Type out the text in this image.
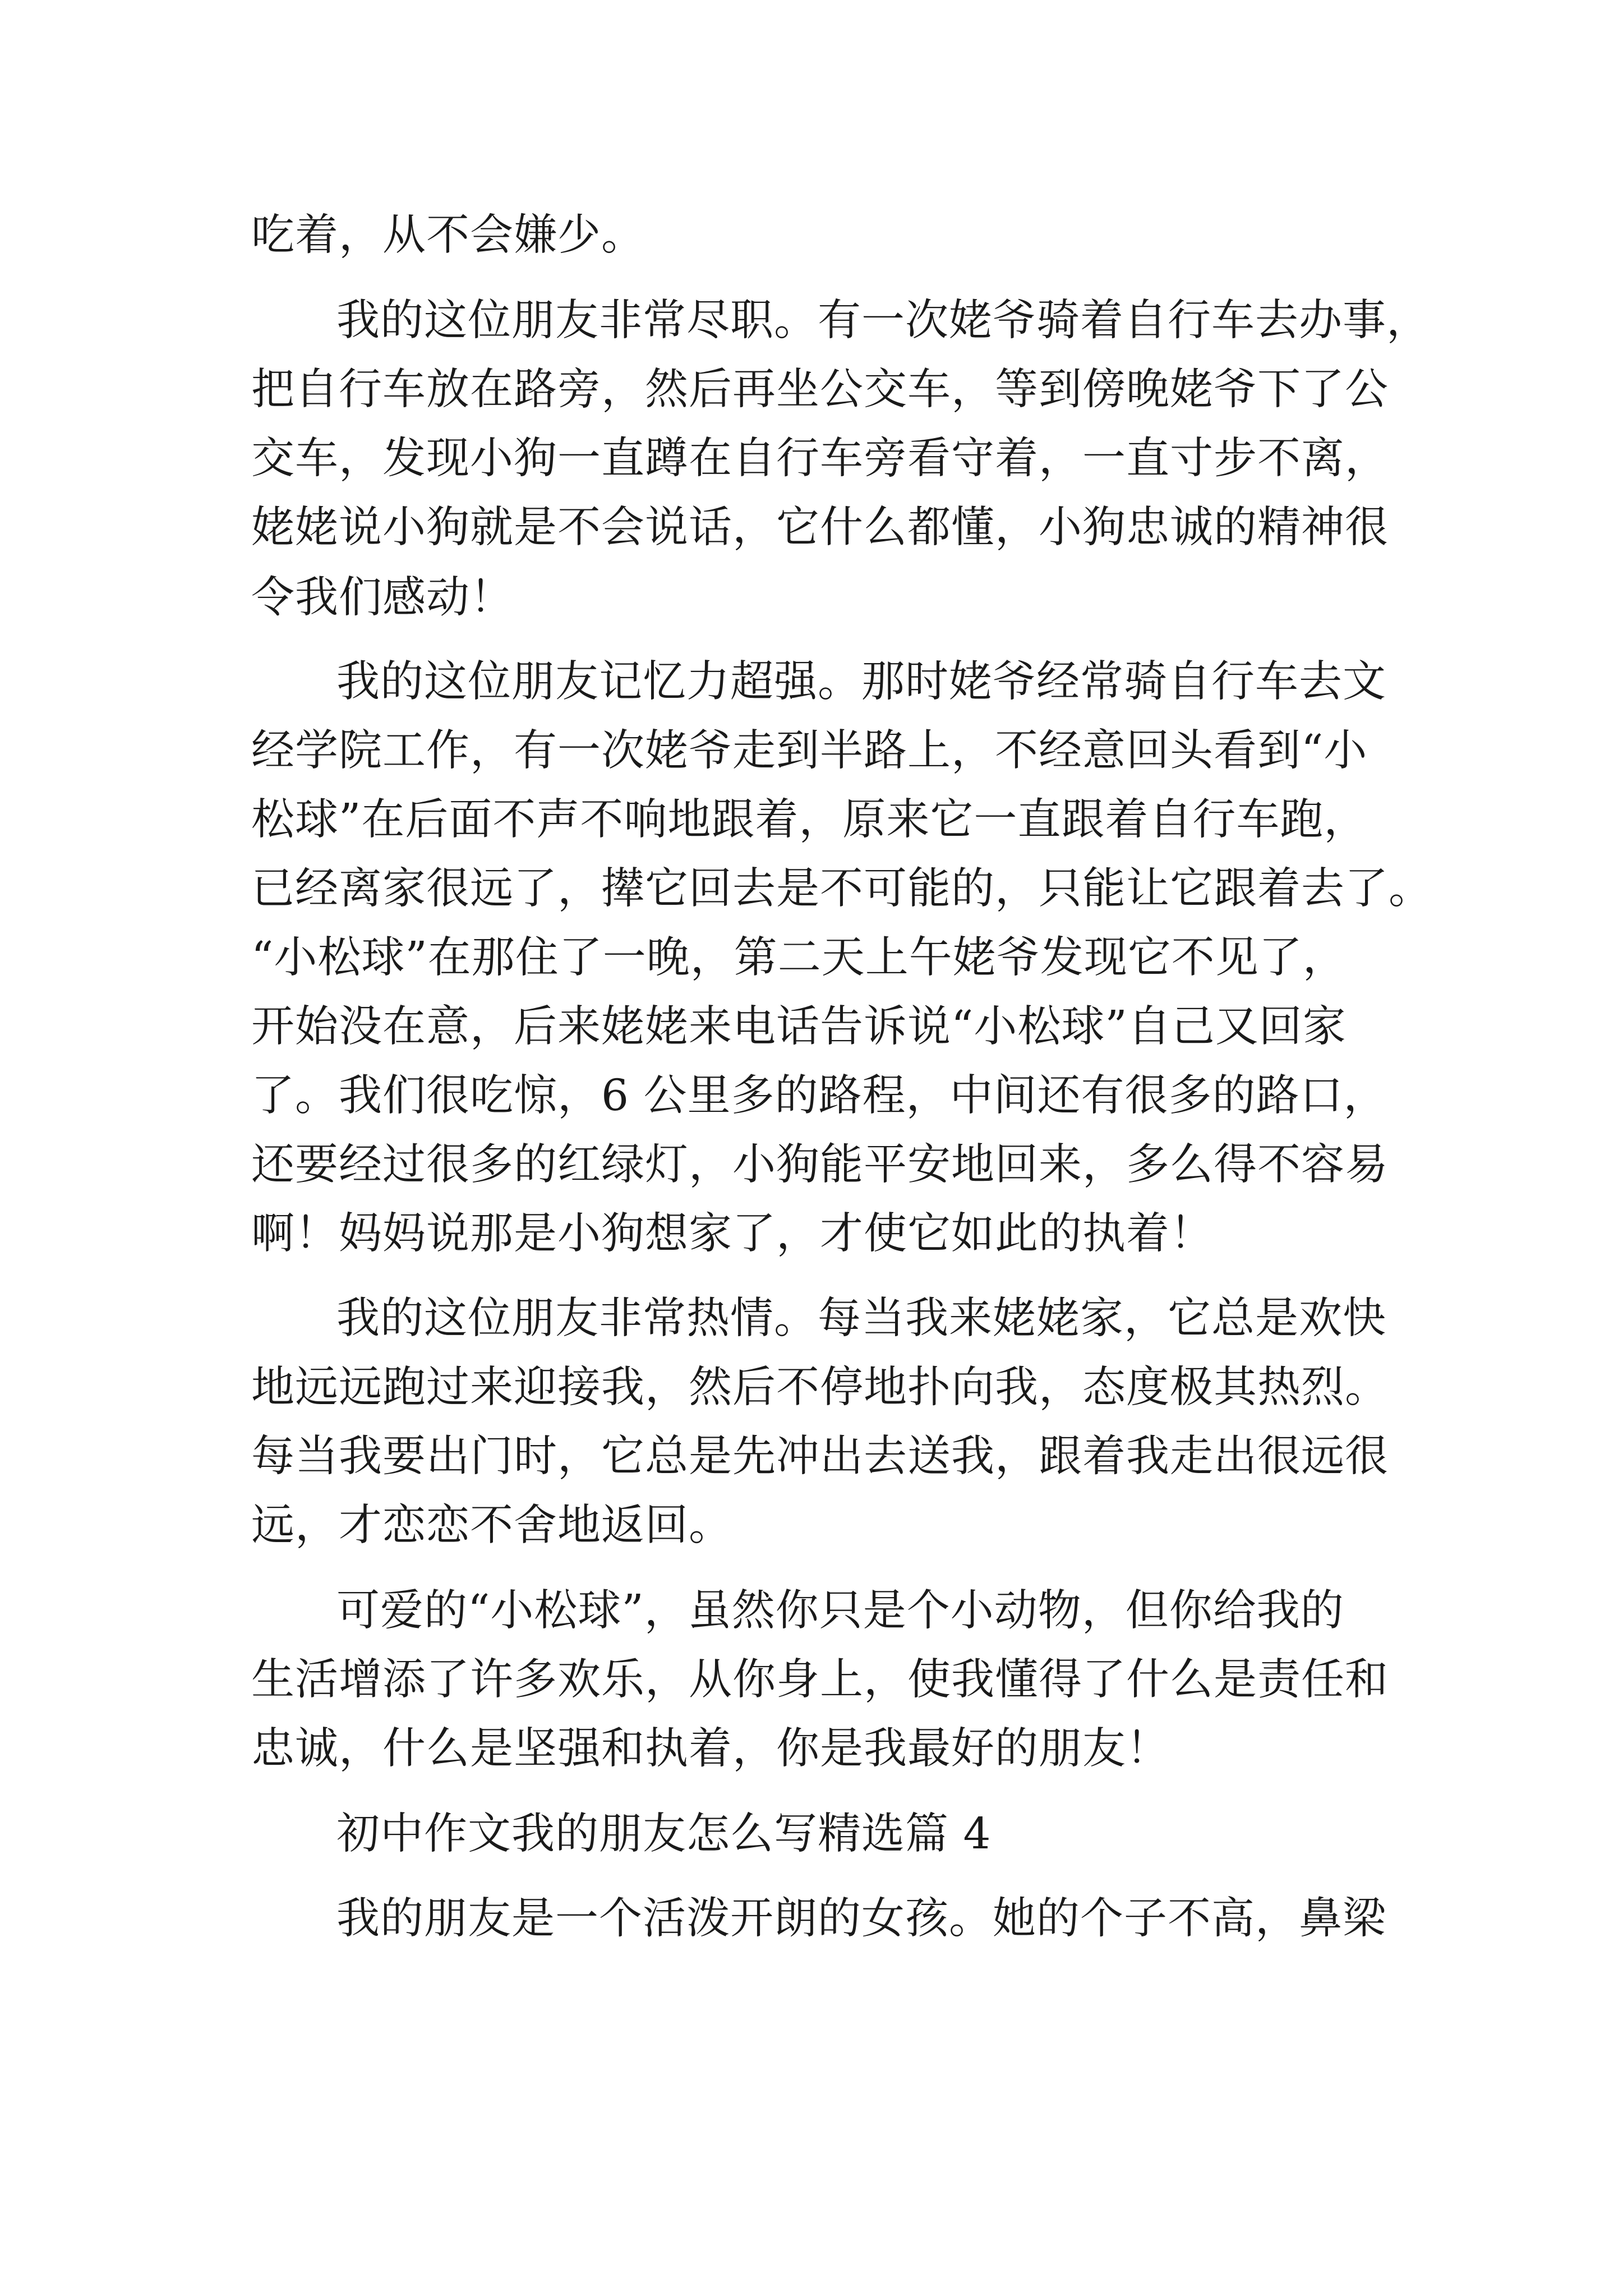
吃着，从不会嫌少。
我的这位朋友非常尽职。有一次姥爷骑着自行车去办事，
把自行车放在路旁，然后再坐公交车，等到傍晚姥爷下了公
交车，发现小狗一直蹲在自行车旁看守着，一直寸步不离，
姥姥说小狗就是不会说话，它什么都懂，小狗忠诚的精神很
令我们感动！
我的这位朋友记忆力超强。那时姥爷经常骑自行车去文
经学院工作，有一次姥爷走到半路上，不经意回头看到“小
松球”在后面不声不响地跟着，原来它一直跟着自行车跑，
已经离家很远了，撵它回去是不可能的，只能让它跟着去了。
“小松球”在那住了一晚，第二天上午姥爷发现它不见了，
开始没在意，后来姥姥来电话告诉说“小松球”自己又回家
了。我们很吃惊，6 公里多的路程，中间还有很多的路口，
还要经过很多的红绿灯，小狗能平安地回来，多么得不容易
啊！妈妈说那是小狗想家了，才使它如此的执着！
我的这位朋友非常热情。每当我来姥姥家，它总是欢快
地远远跑过来迎接我，然后不停地扑向我，态度极其热烈。
每当我要出门时，它总是先冲出去送我，跟着我走出很远很
远，才恋恋不舍地返回。
可爱的“小松球”，虽然你只是个小动物，但你给我的
生活增添了许多欢乐，从你身上，使我懂得了什么是责任和
忠诚，什么是坚强和执着，你是我最好的朋友！
初中作文我的朋友怎么写精选篇 4
我的朋友是一个活泼开朗的女孩。她的个子不高，鼻梁
